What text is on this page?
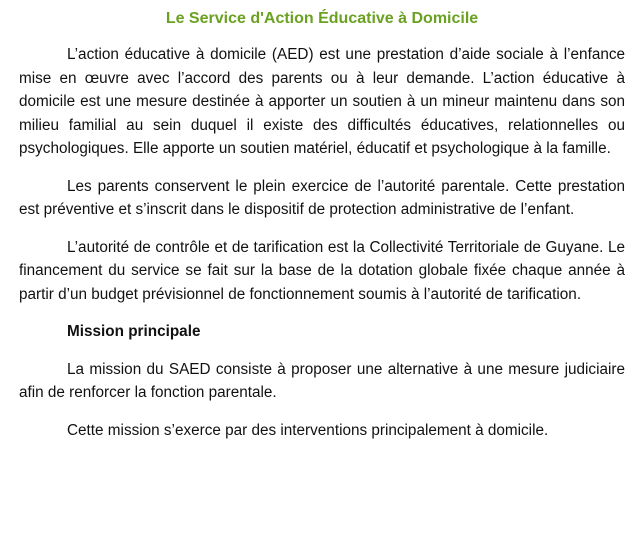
Le Service d'Action Éducative à Domicile

L’action éducative à domicile (AED) est une prestation d’aide sociale à l’enfance mise en œuvre avec l’accord des parents ou à leur demande. L’action éducative à domicile est une mesure destinée à apporter un soutien à un mineur maintenu dans son milieu familial au sein duquel il existe des difficultés éducatives, relationnelles ou psychologiques. Elle apporte un soutien matériel, éducatif et psychologique à la famille.

Les parents conservent le plein exercice de l’autorité parentale. Cette prestation est préventive et s’inscrit dans le dispositif de protection administrative de l’enfant.

L’autorité de contrôle et de tarification est la Collectivité Territoriale de Guyane. Le financement du service se fait sur la base de la dotation globale fixée chaque année à partir d’un budget prévisionnel de fonctionnement soumis à l’autorité de tarification.

Mission principale

La mission du SAED consiste à proposer une alternative à une mesure judiciaire afin de renforcer la fonction parentale.

Cette mission s’exerce par des interventions principalement à domicile.
